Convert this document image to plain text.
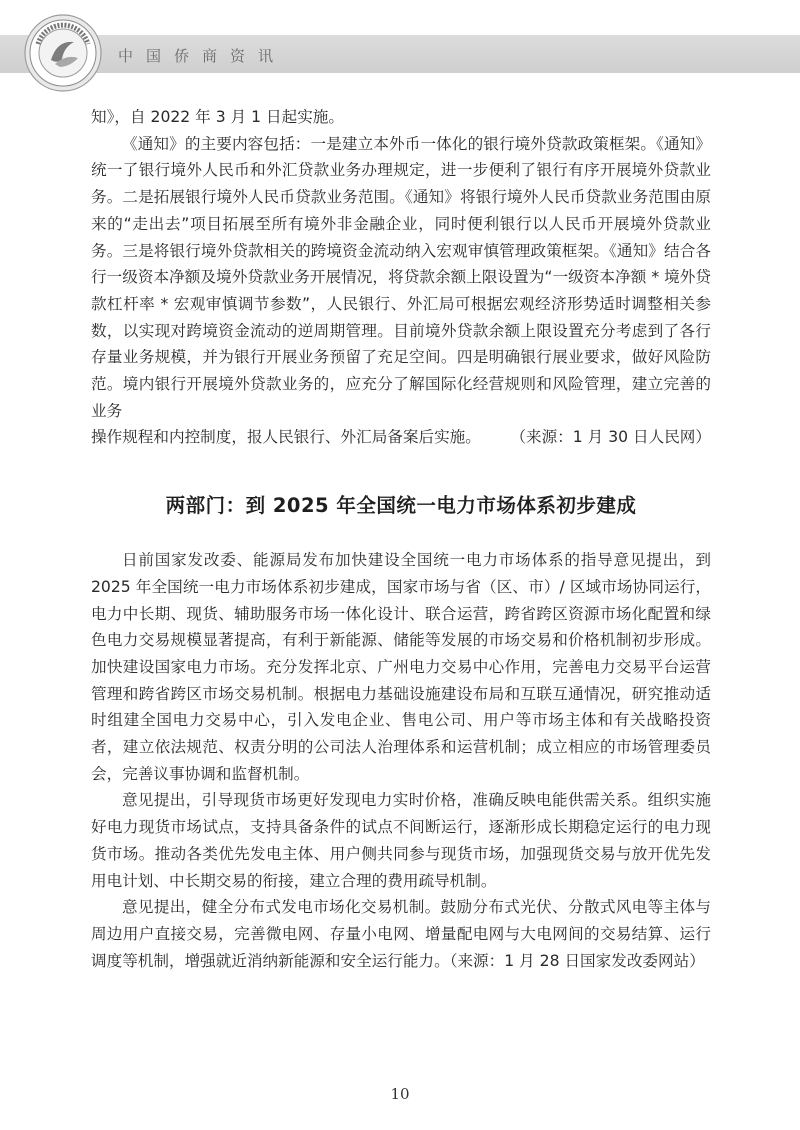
中国侨商资讯

知》，自 2022 年 3 月 1 日起实施。

《通知》的主要内容包括：一是建立本外币一体化的银行境外贷款政策框架。《通知》统一了银行境外人民币和外汇贷款业务办理规定，进一步便利了银行有序开展境外贷款业务。二是拓展银行境外人民币贷款业务范围。《通知》将银行境外人民币贷款业务范围由原来的“走出去”项目拓展至所有境外非金融企业，同时便利银行以人民币开展境外贷款业务。三是将银行境外贷款相关的跨境资金流动纳入宏观审慎管理政策框架。《通知》结合各行一级资本净额及境外贷款业务开展情况，将贷款余额上限设置为“一级资本净额 * 境外贷款杠杆率 * 宏观审慎调节参数”，人民银行、外汇局可根据宏观经济形势适时调整相关参数，以实现对跨境资金流动的逆周期管理。目前境外贷款余额上限设置充分考虑到了各行存量业务规模，并为银行开展业务预留了充足空间。四是明确银行展业要求，做好风险防范。境内银行开展境外贷款业务的，应充分了解国际化经营规则和风险管理，建立完善的业务

操作规程和内控制度，报人民银行、外汇局备案后实施。 （来源：1 月 30 日人民网）

两部门：到 2025 年全国统一电力市场体系初步建成

日前国家发改委、能源局发布加快建设全国统一电力市场体系的指导意见提出，到 2025 年全国统一电力市场体系初步建成，国家市场与省（区、市）/ 区域市场协同运行，电力中长期、现货、辅助服务市场一体化设计、联合运营，跨省跨区资源市场化配置和绿色电力交易规模显著提高，有利于新能源、储能等发展的市场交易和价格机制初步形成。加快建设国家电力市场。充分发挥北京、广州电力交易中心作用，完善电力交易平台运营管理和跨省跨区市场交易机制。根据电力基础设施建设布局和互联互通情况，研究推动适时组建全国电力交易中心，引入发电企业、售电公司、用户等市场主体和有关战略投资者，建立依法规范、权责分明的公司法人治理体系和运营机制；成立相应的市场管理委员会，完善议事协调和监督机制。

意见提出，引导现货市场更好发现电力实时价格，准确反映电能供需关系。组织实施好电力现货市场试点，支持具备条件的试点不间断运行，逐渐形成长期稳定运行的电力现货市场。推动各类优先发电主体、用户侧共同参与现货市场，加强现货交易与放开优先发用电计划、中长期交易的衔接，建立合理的费用疏导机制。

意见提出，健全分布式发电市场化交易机制。鼓励分布式光伏、分散式风电等主体与周边用户直接交易，完善微电网、存量小电网、增量配电网与大电网间的交易结算、运行调度等机制，增强就近消纳新能源和安全运行能力。（来源：1 月 28 日国家发改委网站）

10
